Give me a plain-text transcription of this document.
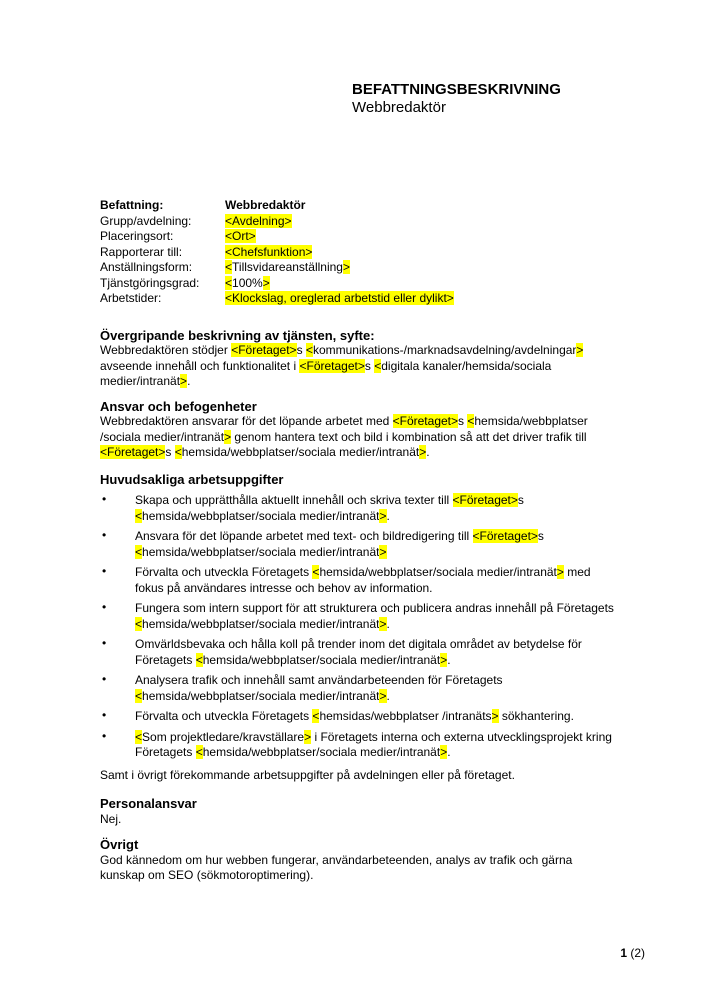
BEFATTNINGSBESKRIVNING
Webbredaktör
Befattning:	Webbredaktör
Grupp/avdelning:	<Avdelning>
Placeringsort:	<Ort>
Rapporterar till:	<Chefsfunktion>
Anställningsform:	<Tillsvidareanställning>
Tjänstgöringsgrad:	<100%>
Arbetstider:	<Klockslag, oreglerad arbetstid eller dylikt>
Övergripande beskrivning av tjänsten, syfte:
Webbredaktören stödjer <Företaget>s <kommunikations-/marknadsavdelning/avdelningar> avseende innehåll och funktionalitet i <Företaget>s <digitala kanaler/hemsida/sociala medier/intranät>.
Ansvar och befogenheter
Webbredaktören ansvarar för det löpande arbetet med <Företaget>s <hemsida/webbplatser /sociala medier/intranät> genom hantera text och bild i kombination så att det driver trafik till <Företaget>s <hemsida/webbplatser/sociala medier/intranät>.
Huvudsakliga arbetsuppgifter
• Skapa och upprätthålla aktuellt innehåll och skriva texter till <Företaget>s <hemsida/webbplatser/sociala medier/intranät>.
• Ansvara för det löpande arbetet med text- och bildredigering till <Företaget>s <hemsida/webbplatser/sociala medier/intranät>
• Förvalta och utveckla Företagets <hemsida/webbplatser/sociala medier/intranät> med fokus på användares intresse och behov av information.
• Fungera som intern support för att strukturera och publicera andras innehåll på Företagets <hemsida/webbplatser/sociala medier/intranät>.
• Omvärldsbevaka och hålla koll på trender inom det digitala området av betydelse för Företagets <hemsida/webbplatser/sociala medier/intranät>.
• Analysera trafik och innehåll samt användarbeteenden för Företagets <hemsida/webbplatser/sociala medier/intranät>.
• Förvalta och utveckla Företagets <hemsidas/webbplatser /intranäts> sökhantering.
• <Som projektledare/kravställare> i Företagets interna och externa utvecklingsprojekt kring Företagets <hemsida/webbplatser/sociala medier/intranät>.
Samt i övrigt förekommande arbetsuppgifter på avdelningen eller på företaget.
Personalansvar
Nej.
Övrigt
God kännedom om hur webben fungerar, användarbeteenden, analys av trafik och gärna kunskap om SEO (sökmotoroptimering).
1 (2)
